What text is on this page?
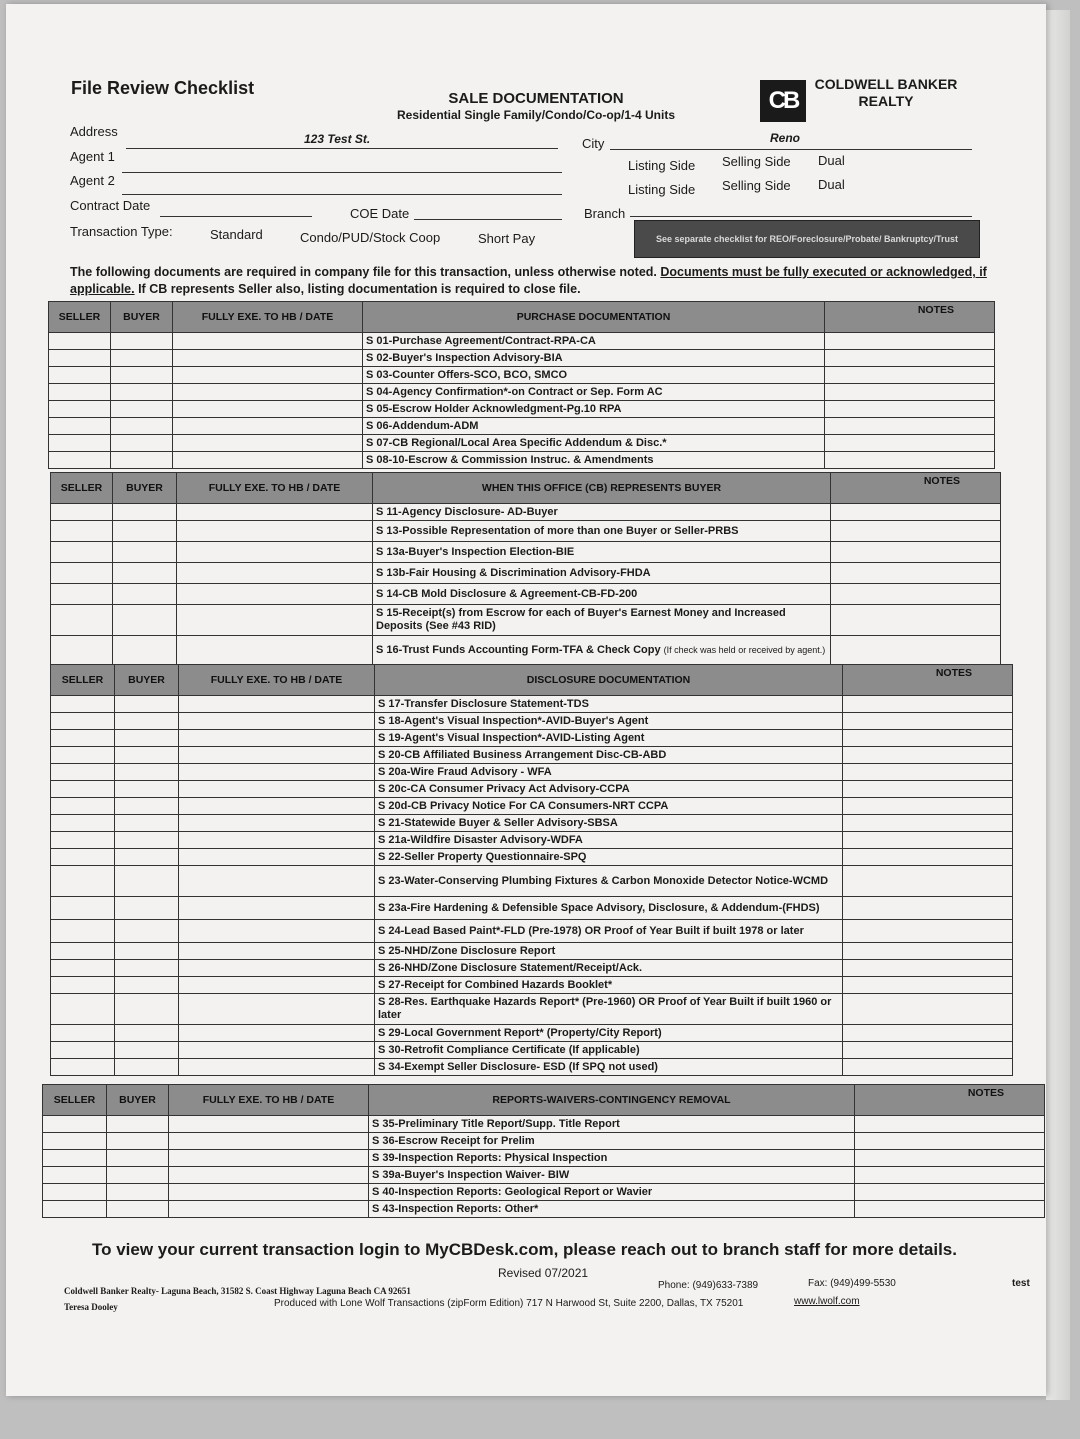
File Review Checklist
SALE DOCUMENTATION
Residential Single Family/Condo/Co-op/1-4 Units
CB
COLDWELL BANKER
REALTY
Address	123 Test St.	City	Reno
Agent 1
Listing Side Selling Side Dual
Agent 2
Listing Side Selling Side Dual
Contract Date
COE Date	Branch
Transaction Type:	Standard	Condo/PUD/Stock Coop	Short Pay	See separate checklist for REO/Foreclosure/Probate/ Bankruptcy/Trust
The following documents are required in company file for this transaction, unless otherwise noted. Documents must be fully executed or acknowledged, if applicable. If CB represents Seller also, listing documentation is required to close file.
SELLER	BUYER	FULLY EXE. TO HB / DATE	PURCHASE DOCUMENTATION	NOTES
			S 01-Purchase Agreement/Contract-RPA-CA	
			S 02-Buyer's Inspection Advisory-BIA	
			S 03-Counter Offers-SCO, BCO, SMCO	
			S 04-Agency Confirmation*-on Contract or Sep. Form AC	
			S 05-Escrow Holder Acknowledgment-Pg.10 RPA	
			S 06-Addendum-ADM	
			S 07-CB Regional/Local Area Specific Addendum & Disc.*	
			S 08-10-Escrow & Commission Instruc. & Amendments	
SELLER	BUYER	FULLY EXE. TO HB / DATE	WHEN THIS OFFICE (CB) REPRESENTS BUYER	NOTES
			S 11-Agency Disclosure- AD-Buyer	
			S 13-Possible Representation of more than one Buyer or Seller-PRBS	
			S 13a-Buyer's Inspection Election-BIE	
			S 13b-Fair Housing & Discrimination Advisory-FHDA	
			S 14-CB Mold Disclosure & Agreement-CB-FD-200	
			S 15-Receipt(s) from Escrow for each of Buyer's Earnest Money and Increased Deposits (See #43 RID)	
			S 16-Trust Funds Accounting Form-TFA & Check Copy (If check was held or received by agent.)	
SELLER	BUYER	FULLY EXE. TO HB / DATE	DISCLOSURE DOCUMENTATION	NOTES
			S 17-Transfer Disclosure Statement-TDS	
			S 18-Agent's Visual Inspection*-AVID-Buyer's Agent	
			S 19-Agent's Visual Inspection*-AVID-Listing Agent	
			S 20-CB Affiliated Business Arrangement Disc-CB-ABD	
			S 20a-Wire Fraud Advisory - WFA	
			S 20c-CA Consumer Privacy Act Advisory-CCPA	
			S 20d-CB Privacy Notice For CA Consumers-NRT CCPA	
			S 21-Statewide Buyer & Seller Advisory-SBSA	
			S 21a-Wildfire Disaster Advisory-WDFA	
			S 22-Seller Property Questionnaire-SPQ	
			S 23-Water-Conserving Plumbing Fixtures & Carbon Monoxide Detector Notice-WCMD	
			S 23a-Fire Hardening & Defensible Space Advisory, Disclosure, & Addendum-(FHDS)	
			S 24-Lead Based Paint*-FLD (Pre-1978) OR Proof of Year Built if built 1978 or later	
			S 25-NHD/Zone Disclosure Report	
			S 26-NHD/Zone Disclosure Statement/Receipt/Ack.	
			S 27-Receipt for Combined Hazards Booklet*	
			S 28-Res. Earthquake Hazards Report* (Pre-1960) OR Proof of Year Built if built 1960 or later	
			S 29-Local Government Report* (Property/City Report)	
			S 30-Retrofit Compliance Certificate (If applicable)	
			S 34-Exempt Seller Disclosure- ESD (If SPQ not used)	
SELLER	BUYER	FULLY EXE. TO HB / DATE	REPORTS-WAIVERS-CONTINGENCY REMOVAL	NOTES
			S 35-Preliminary Title Report/Supp. Title Report	
			S 36-Escrow Receipt for Prelim	
			S 39-Inspection Reports: Physical Inspection	
			S 39a-Buyer's Inspection Waiver- BIW	
			S 40-Inspection Reports: Geological Report or Wavier	
			S 43-Inspection Reports: Other*	
To view your current transaction login to MyCBDesk.com, please reach out to branch staff for more details.
Revised 07/2021
Coldwell Banker Realty- Laguna Beach, 31582 S. Coast Highway Laguna Beach CA 92651
Teresa Dooley
Phone: (949)633-7389	Fax: (949)499-5530	test
Produced with Lone Wolf Transactions (zipForm Edition) 717 N Harwood St, Suite 2200, Dallas, TX 75201	www.lwolf.com
